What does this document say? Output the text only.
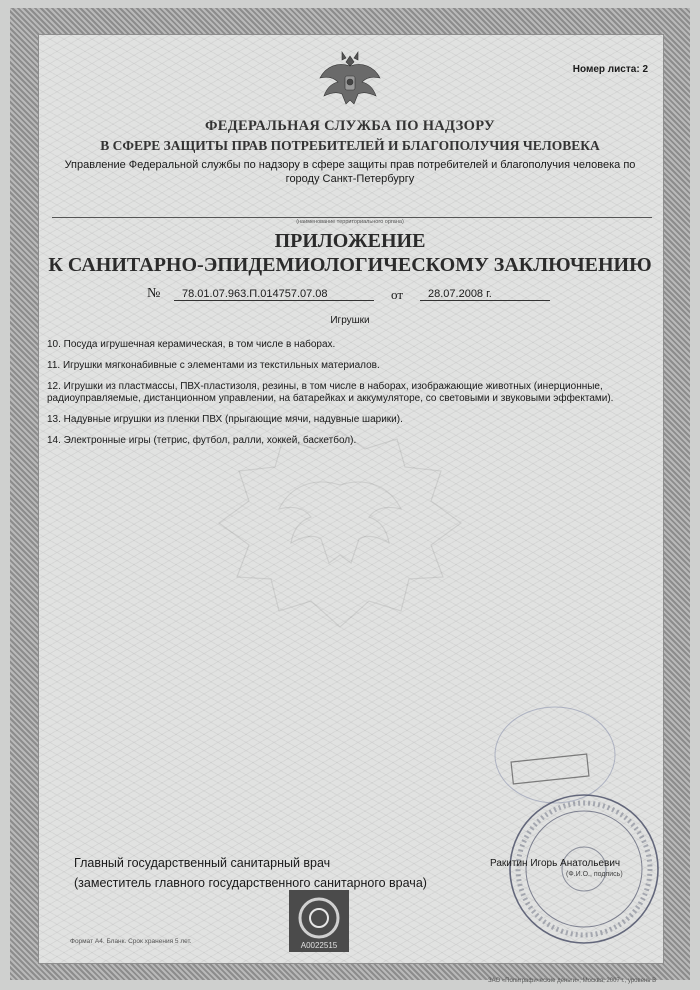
Номер листа: 2
ФЕДЕРАЛЬНАЯ СЛУЖБА ПО НАДЗОРУ
В СФЕРЕ ЗАЩИТЫ ПРАВ ПОТРЕБИТЕЛЕЙ И БЛАГОПОЛУЧИЯ ЧЕЛОВЕКА
Управление Федеральной службы по надзору в сфере защиты прав потребителей и благополучия человека по городу Санкт-Петербургу
(наименование территориального органа)
ПРИЛОЖЕНИЕ
К САНИТАРНО-ЭПИДЕМИОЛОГИЧЕСКОМУ ЗАКЛЮЧЕНИЮ
№	78.01.07.963.П.014757.07.08	от	28.07.2008 г.
Игрушки
10. Посуда игрушечная керамическая, в том числе в наборах.
11. Игрушки мягконабивные с элементами из текстильных материалов.
12. Игрушки из пластмассы, ПВХ-пластизоля, резины, в том числе в наборах, изображающие животных (инерционные, радиоуправляемые, дистанционном управлении, на батарейках и аккумуляторе, со световыми и звуковыми эффектами).
13. Надувные игрушки из пленки ПВХ (прыгающие мячи, надувные шарики).
14. Электронные игры (тетрис, футбол, ралли, хоккей, баскетбол).
Главный государственный санитарный врач
(заместитель главного государственного санитарного врача)
Ракитин Игорь Анатольевич
(Ф.И.О., подпись)
A0022515
Формат А4. Бланк. Срок хранения 5 лет.
ЗАО «Полиграфические деньги», Москва, 2007 г., уровень В
